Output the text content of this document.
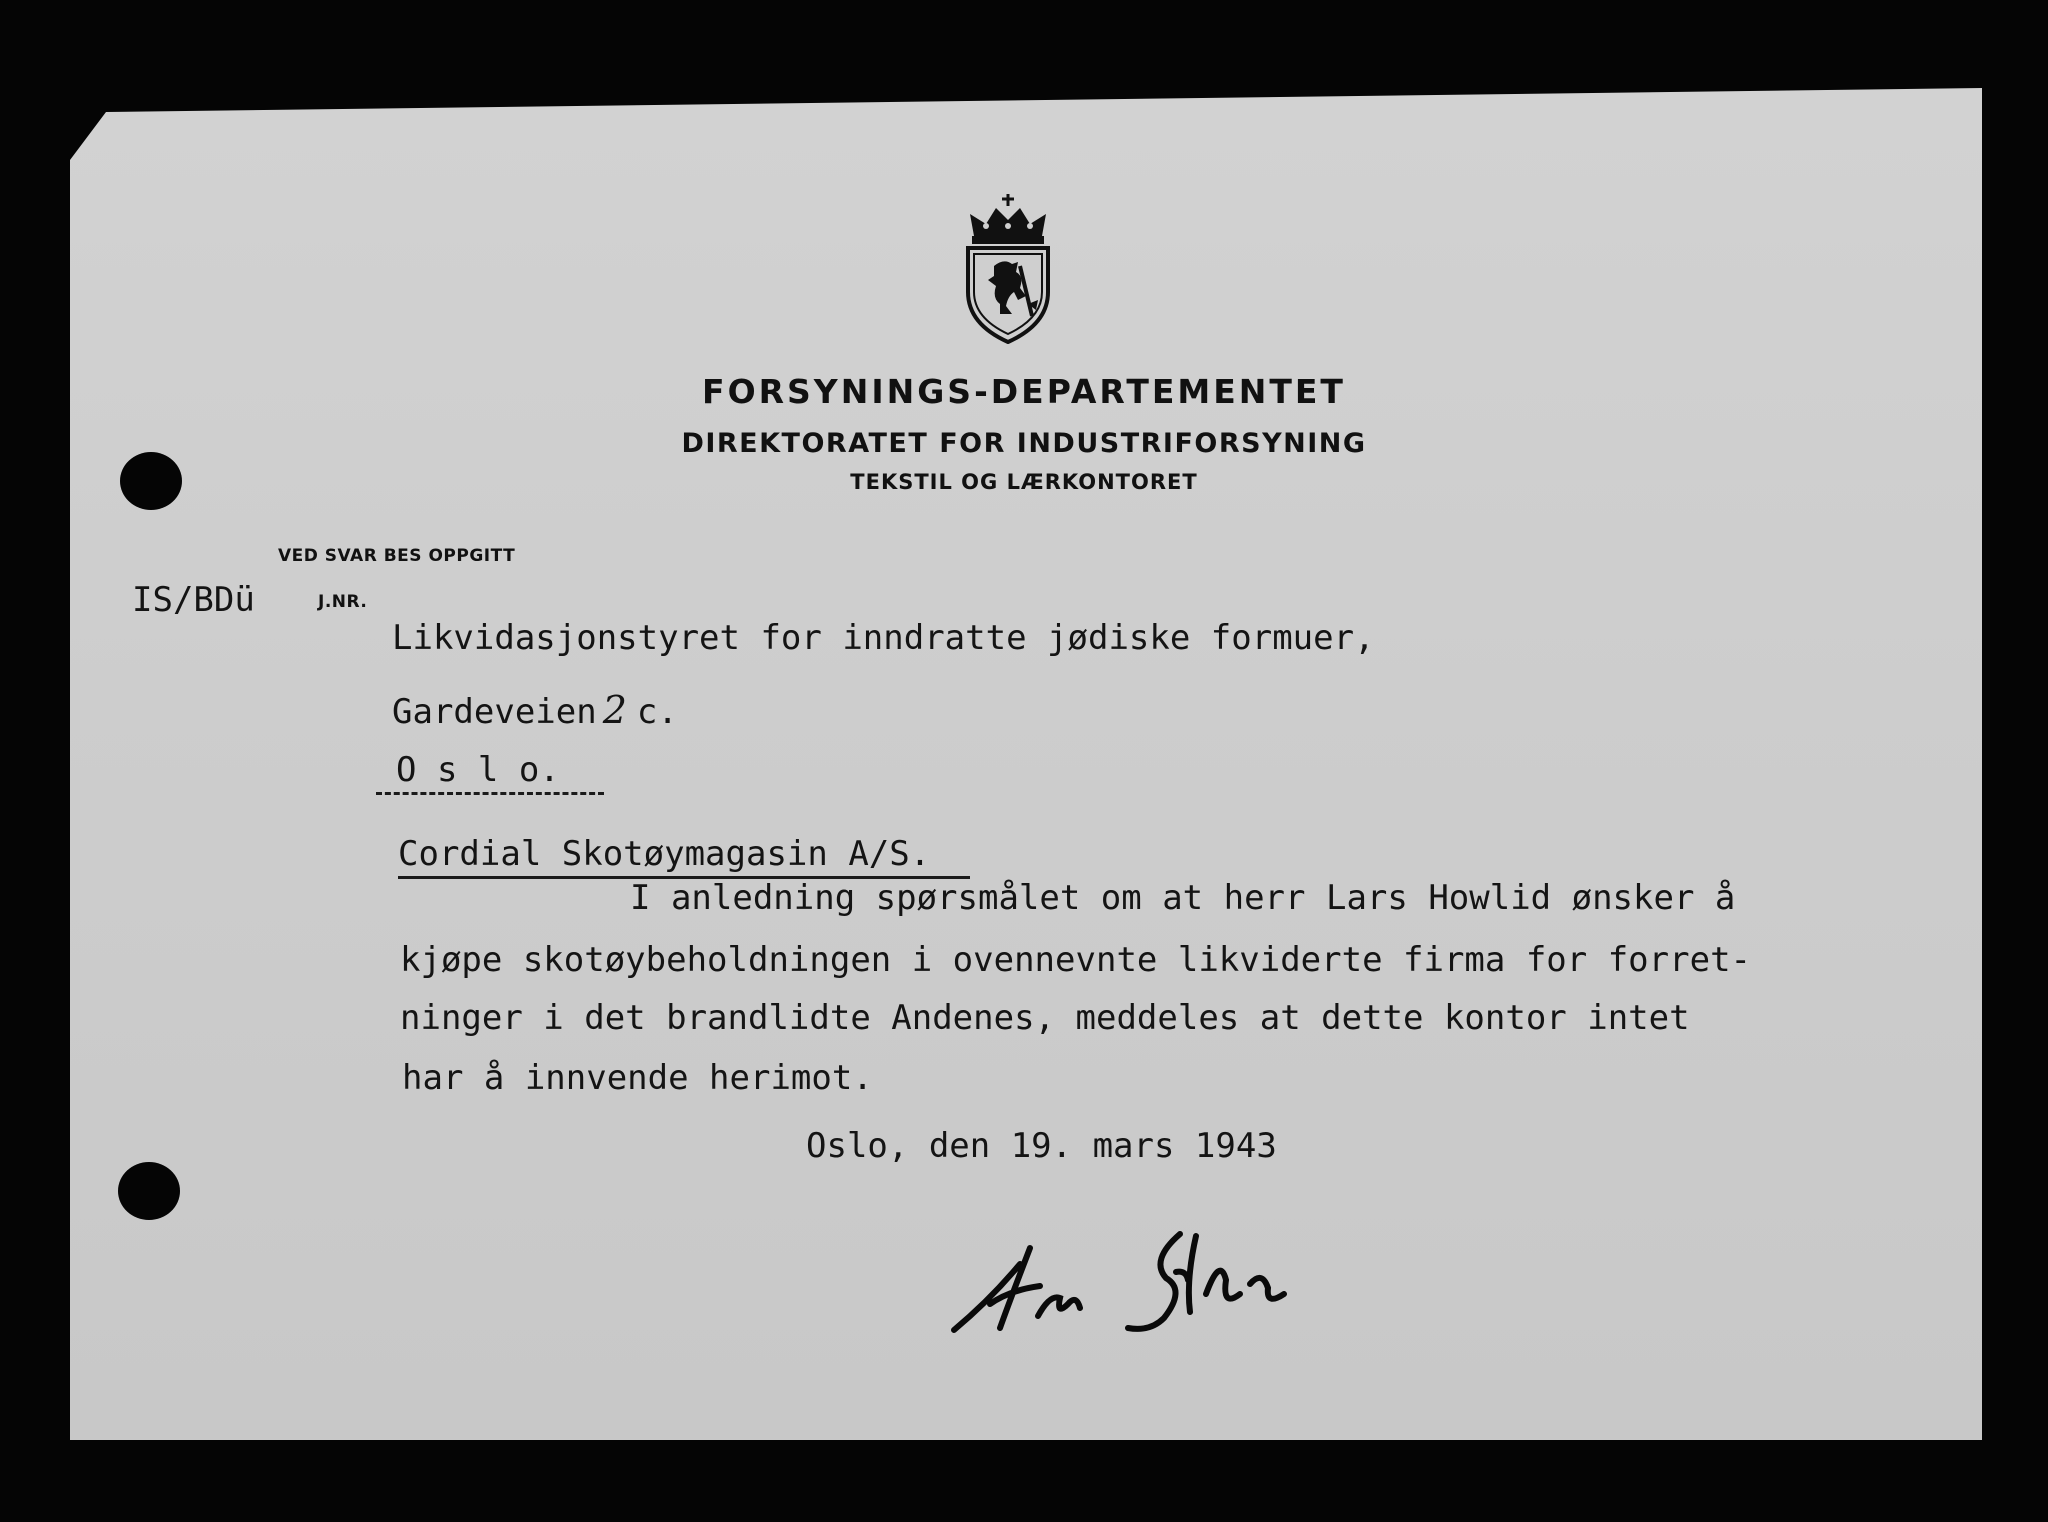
FORSYNINGS-DEPARTEMENTET
DIREKTORATET FOR INDUSTRIFORSYNING
TEKSTIL OG LÆRKONTORET
VED SVAR BES OPPGITT
IS/BDü	J.NR.
Likvidasjonstyret for inndratte jødiske formuer,
Gardeveien 2 c.
O s l o.
Cordial Skotøymagasin A/S.
I anledning spørsmålet om at herr Lars Howlid ønsker å
kjøpe skotøybeholdningen i ovennevnte likviderte firma for forret-
ninger i det brandlidte Andenes, meddeles at dette kontor intet
har å innvende herimot.
Oslo, den 19. mars 1943
